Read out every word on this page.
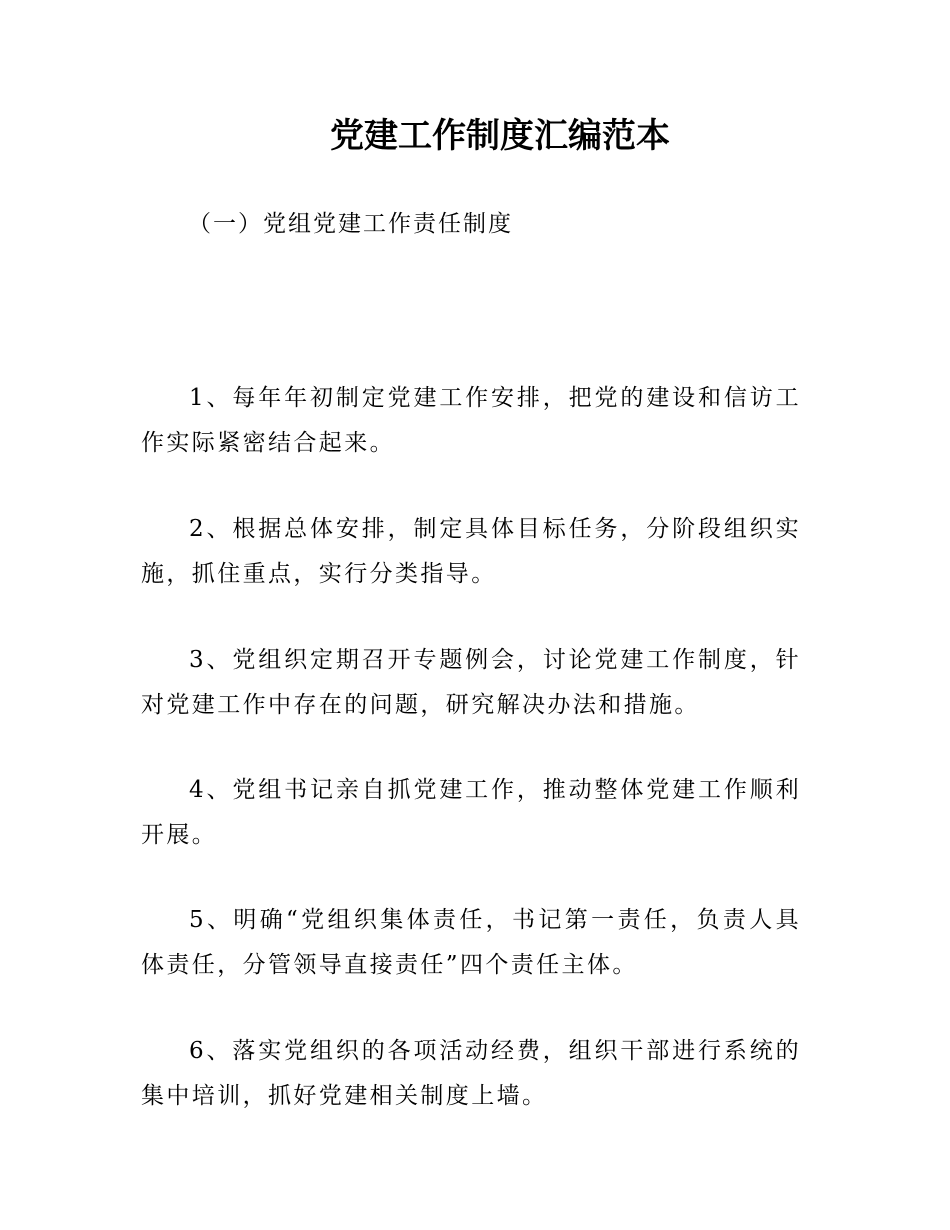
党建工作制度汇编范本
（一）党组党建工作责任制度

1、每年年初制定党建工作安排，把党的建设和信访工作实际紧密结合起来。

2、根据总体安排，制定具体目标任务，分阶段组织实施，抓住重点，实行分类指导。

3、党组织定期召开专题例会，讨论党建工作制度，针对党建工作中存在的问题，研究解决办法和措施。

4、党组书记亲自抓党建工作，推动整体党建工作顺利开展。

5、明确“党组织集体责任，书记第一责任，负责人具体责任，分管领导直接责任”四个责任主体。

6、落实党组织的各项活动经费，组织干部进行系统的集中培训，抓好党建相关制度上墙。
